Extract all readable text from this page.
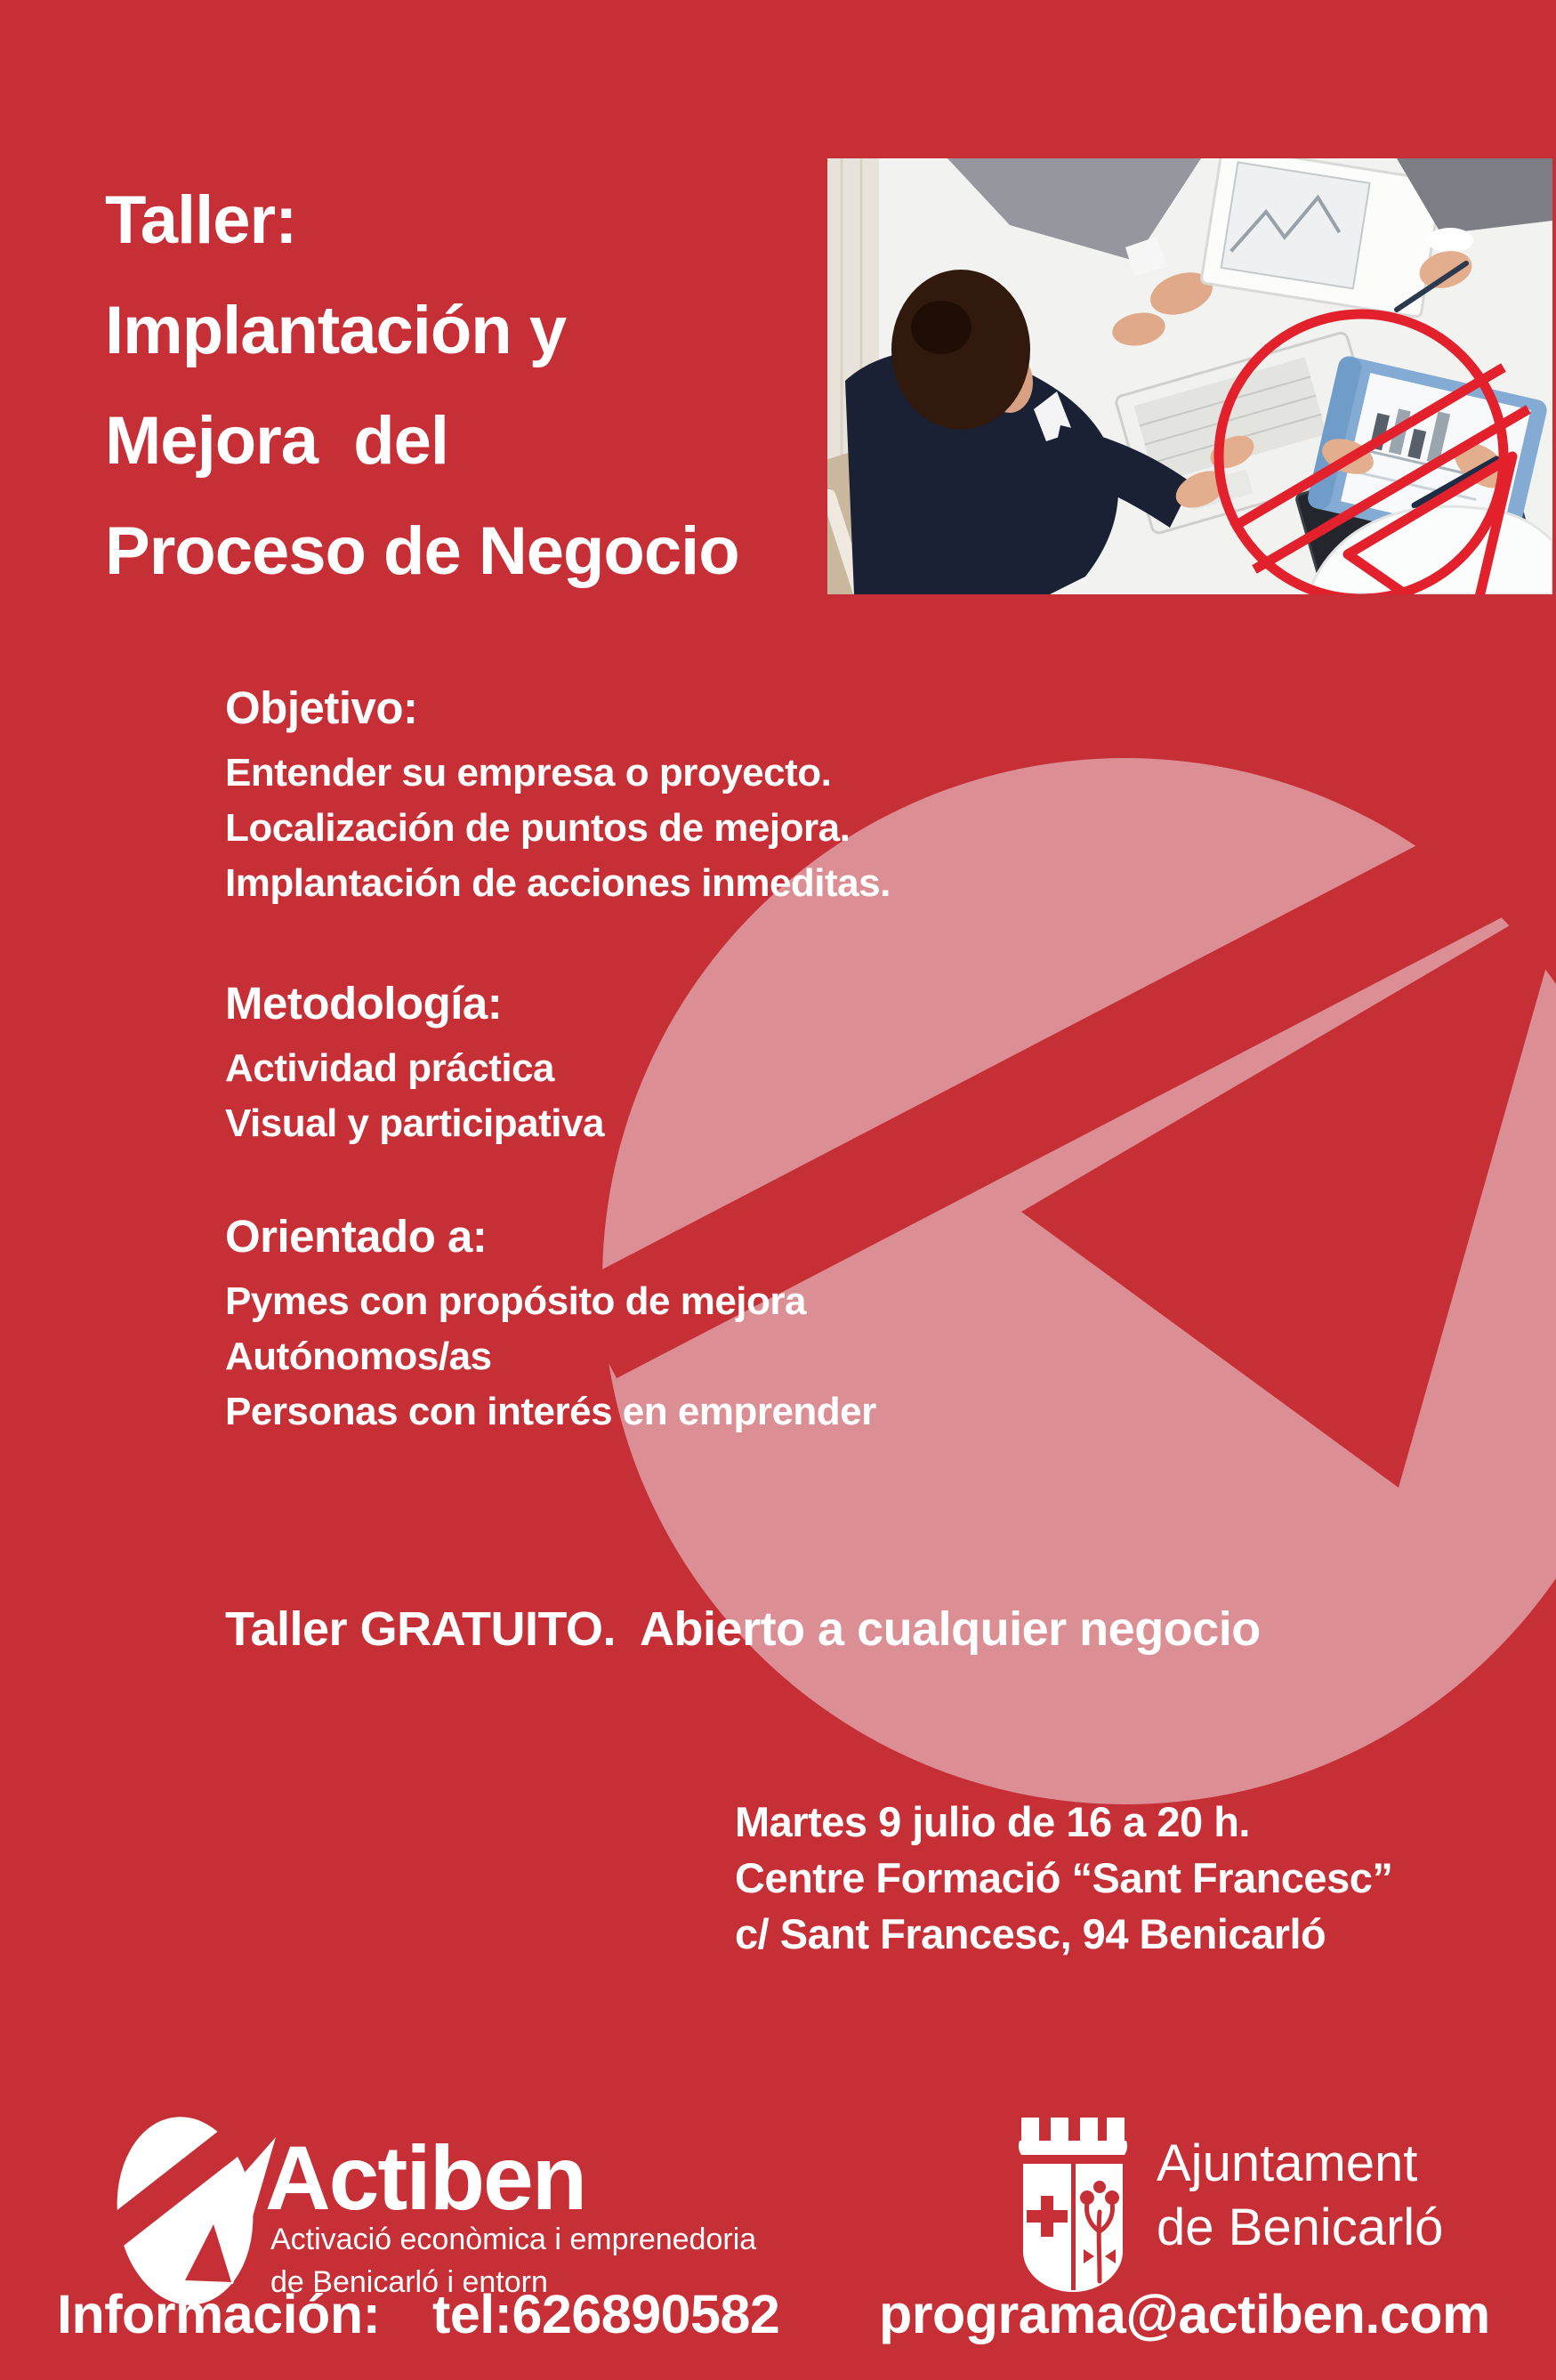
Taller:
Implantación y
Mejora  del
Proceso de Negocio
Objetivo:
Entender su empresa o proyecto.
Localización de puntos de mejora.
Implantación de acciones inmeditas.
Metodología:
Actividad práctica
Visual y participativa
Orientado a:
Pymes con propósito de mejora
Autónomos/as
Personas con interés en emprender
Taller GRATUITO.  Abierto a cualquier negocio
Martes 9 julio de 16 a 20 h.
Centre Formació “Sant Francesc”
c/ Sant Francesc, 94 Benicarló
Actiben
Activació econòmica i emprenedoria
de Benicarló i entorn
Ajuntament
de Benicarló
Información: tel:626890582 programa@actiben.com
